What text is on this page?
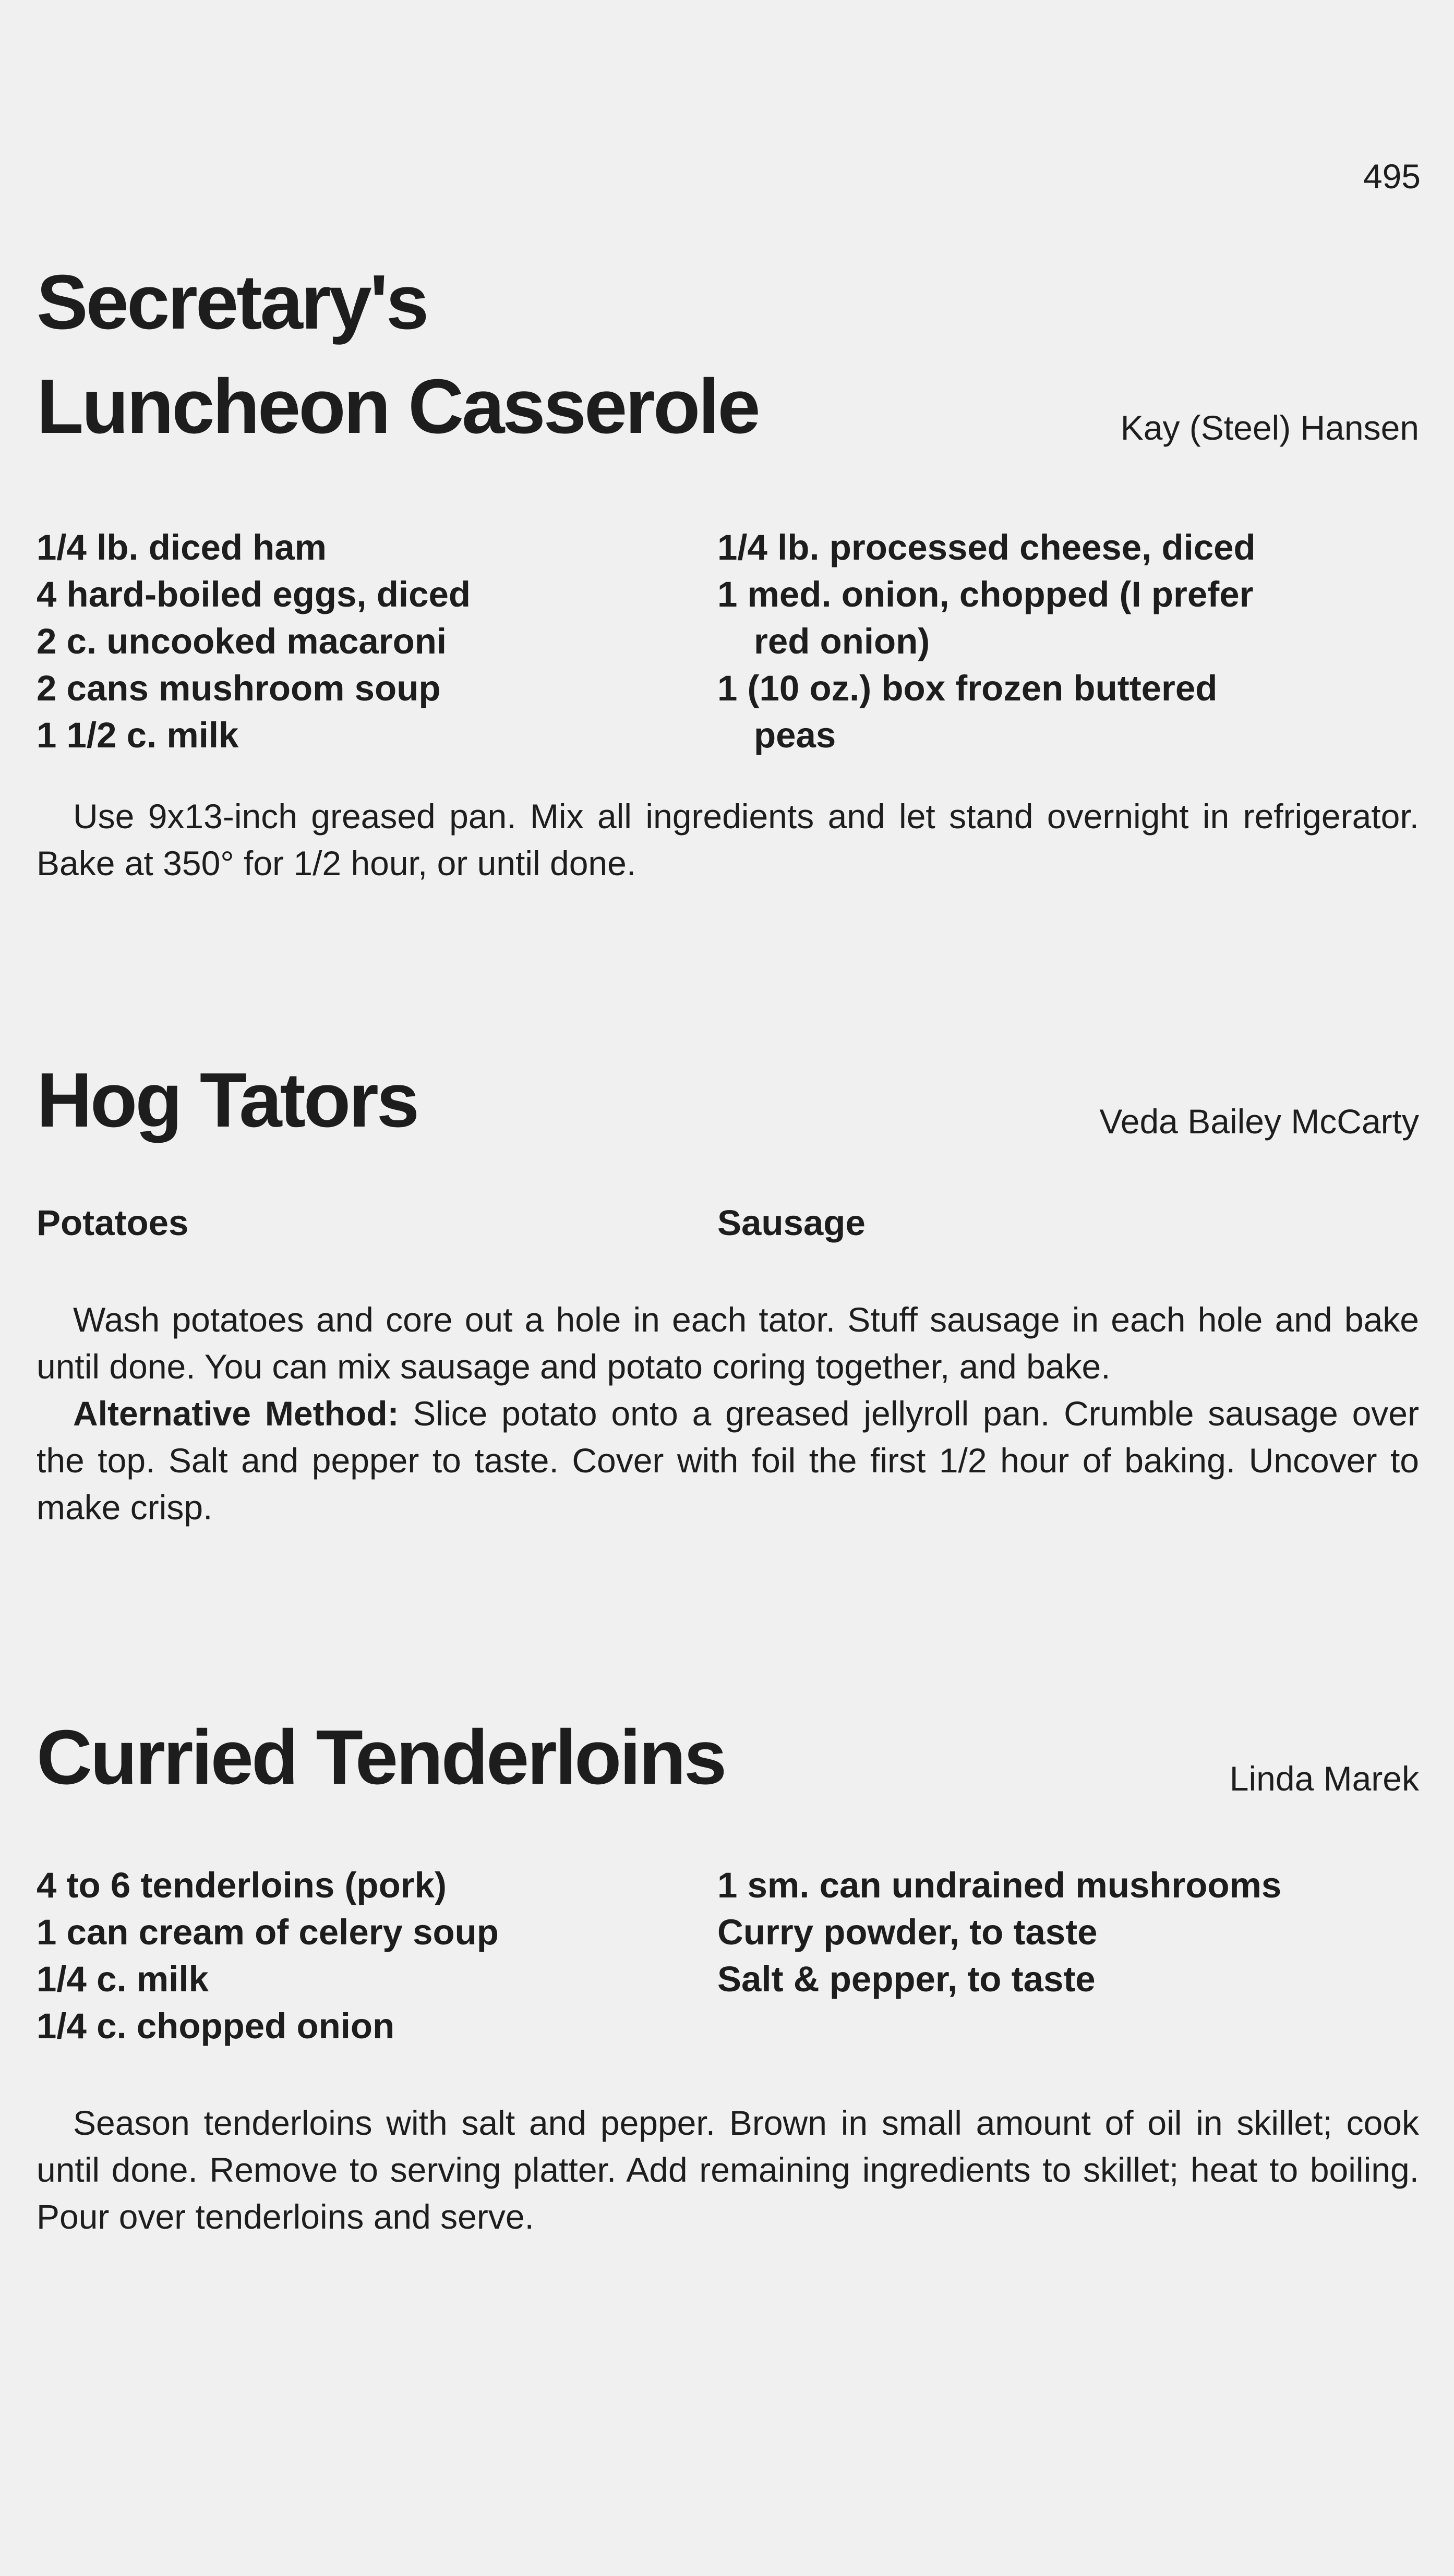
495
Secretary's
Luncheon Casserole	Kay (Steel) Hansen
1/4 lb. diced ham
4 hard-boiled eggs, diced
2 c. uncooked macaroni
2 cans mushroom soup
1 1/2 c. milk
1/4 lb. processed cheese, diced
1 med. onion, chopped (I prefer
red onion)
1 (10 oz.) box frozen buttered
peas

Use 9x13-inch greased pan. Mix all ingredients and let stand overnight in refrigerator. Bake at 350° for 1/2 hour, or until done.

Hog Tators	Veda Bailey McCarty
Potatoes	Sausage

Wash potatoes and core out a hole in each tator. Stuff sausage in each hole and bake until done. You can mix sausage and potato coring together, and bake.

Alternative Method: Slice potato onto a greased jellyroll pan. Crumble sausage over the top. Salt and pepper to taste. Cover with foil the first 1/2 hour of baking. Uncover to make crisp.

Curried Tenderloins	Linda Marek
4 to 6 tenderloins (pork)
1 can cream of celery soup
1/4 c. milk
1/4 c. chopped onion
1 sm. can undrained mushrooms
Curry powder, to taste
Salt & pepper, to taste

Season tenderloins with salt and pepper. Brown in small amount of oil in skillet; cook until done. Remove to serving platter. Add remaining ingredients to skillet; heat to boiling. Pour over tenderloins and serve.
